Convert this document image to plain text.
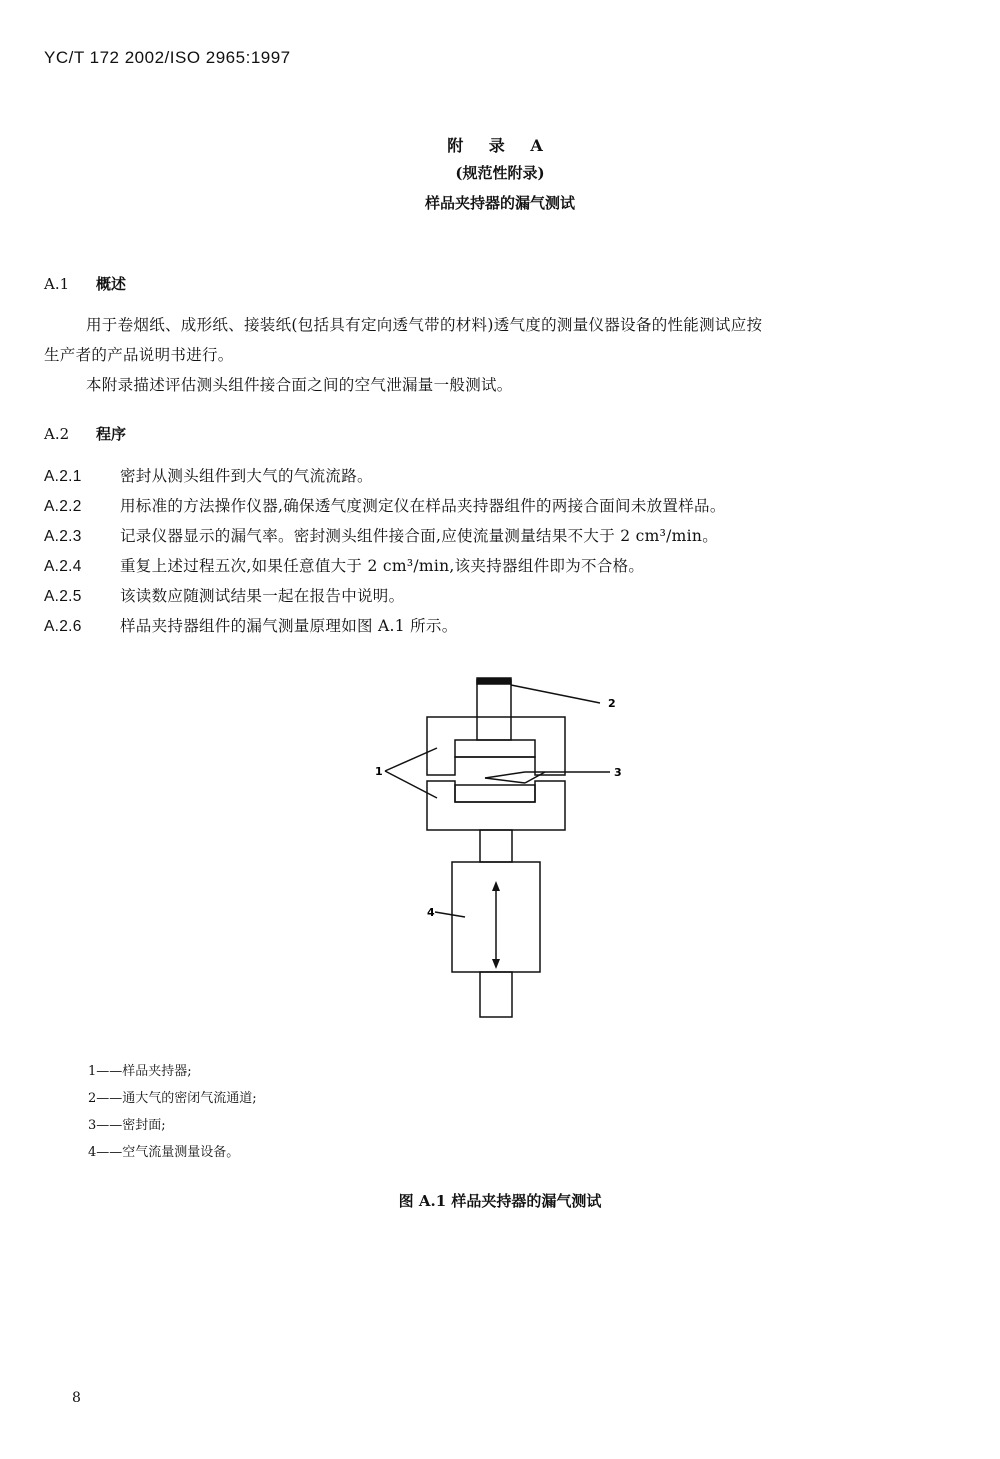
YC/T 172 2002/ISO 2965:1997
附 录 A
(规范性附录)
样品夹持器的漏气测试
A.1 概述
用于卷烟纸、成形纸、接装纸(包括具有定向透气带的材料)透气度的测量仪器设备的性能测试应按
生产者的产品说明书进行。
本附录描述评估测头组件接合面之间的空气泄漏量一般测试。
A.2 程序
A.2.1 密封从测头组件到大气的气流流路。
A.2.2 用标准的方法操作仪器,确保透气度测定仪在样品夹持器组件的两接合面间未放置样品。
A.2.3 记录仪器显示的漏气率。密封测头组件接合面,应使流量测量结果不大于 2 cm³/min。
A.2.4 重复上述过程五次,如果任意值大于 2 cm³/min,该夹持器组件即为不合格。
A.2.5 该读数应随测试结果一起在报告中说明。
A.2.6 样品夹持器组件的漏气测量原理如图 A.1 所示。
1
2
3
4
1——样品夹持器;
2——通大气的密闭气流通道;
3——密封面;
4——空气流量测量设备。
图 A.1 样品夹持器的漏气测试
8
